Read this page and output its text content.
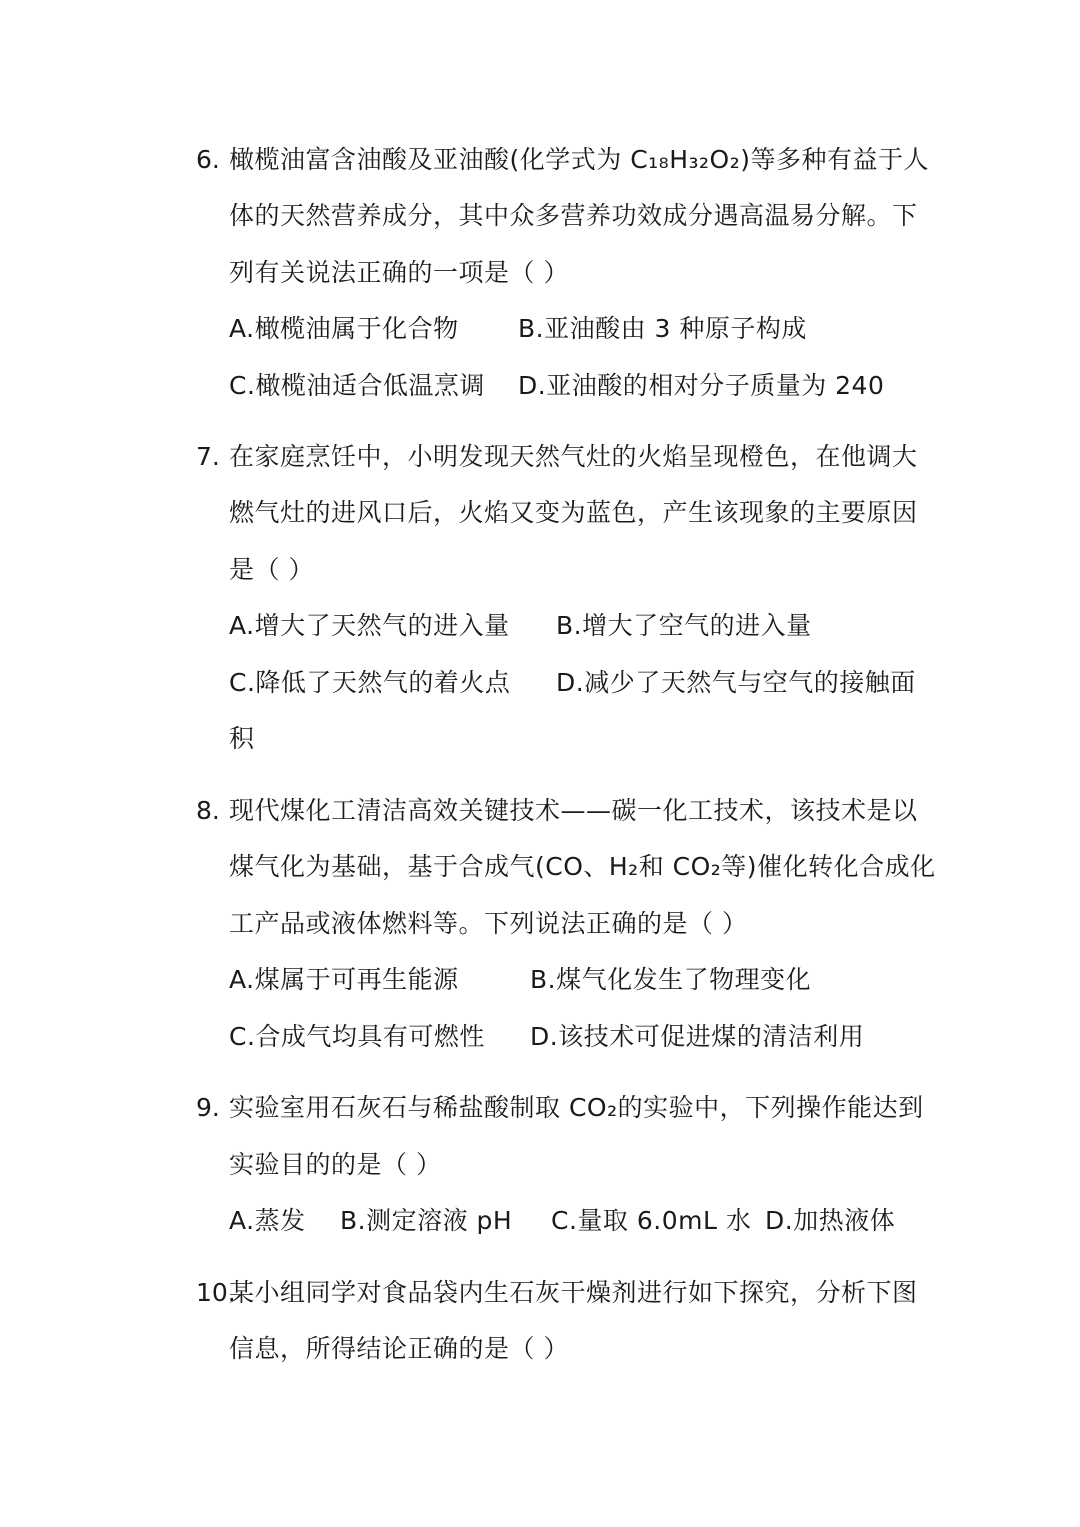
6. 橄榄油富含油酸及亚油酸(化学式为 C₁₈H₃₂O₂)等多种有益于人
体的天然营养成分，其中众多营养功效成分遇高温易分解。下
列有关说法正确的一项是（ ）
A.橄榄油属于化合物 B.亚油酸由 3 种原子构成
C.橄榄油适合低温烹调 D.亚油酸的相对分子质量为 240
7. 在家庭烹饪中，小明发现天然气灶的火焰呈现橙色，在他调大
燃气灶的进风口后，火焰又变为蓝色，产生该现象的主要原因
是（ ）
A.增大了天然气的进入量 B.增大了空气的进入量
C.降低了天然气的着火点 D.减少了天然气与空气的接触面
积
8. 现代煤化工清洁高效关键技术——碳一化工技术，该技术是以
煤气化为基础，基于合成气(CO、H₂和 CO₂等)催化转化合成化
工产品或液体燃料等。下列说法正确的是（ ）
A.煤属于可再生能源	B.煤气化发生了物理变化
C.合成气均具有可燃性 D.该技术可促进煤的清洁利用
9. 实验室用石灰石与稀盐酸制取 CO₂的实验中，下列操作能达到
实验目的的是（ ）
A.蒸发 B.测定溶液 pH C.量取 6.0mL 水 D.加热液体
10.
某小组同学对食品袋内生石灰干燥剂进行如下探究，分析下图
信息，所得结论正确的是（ ）
